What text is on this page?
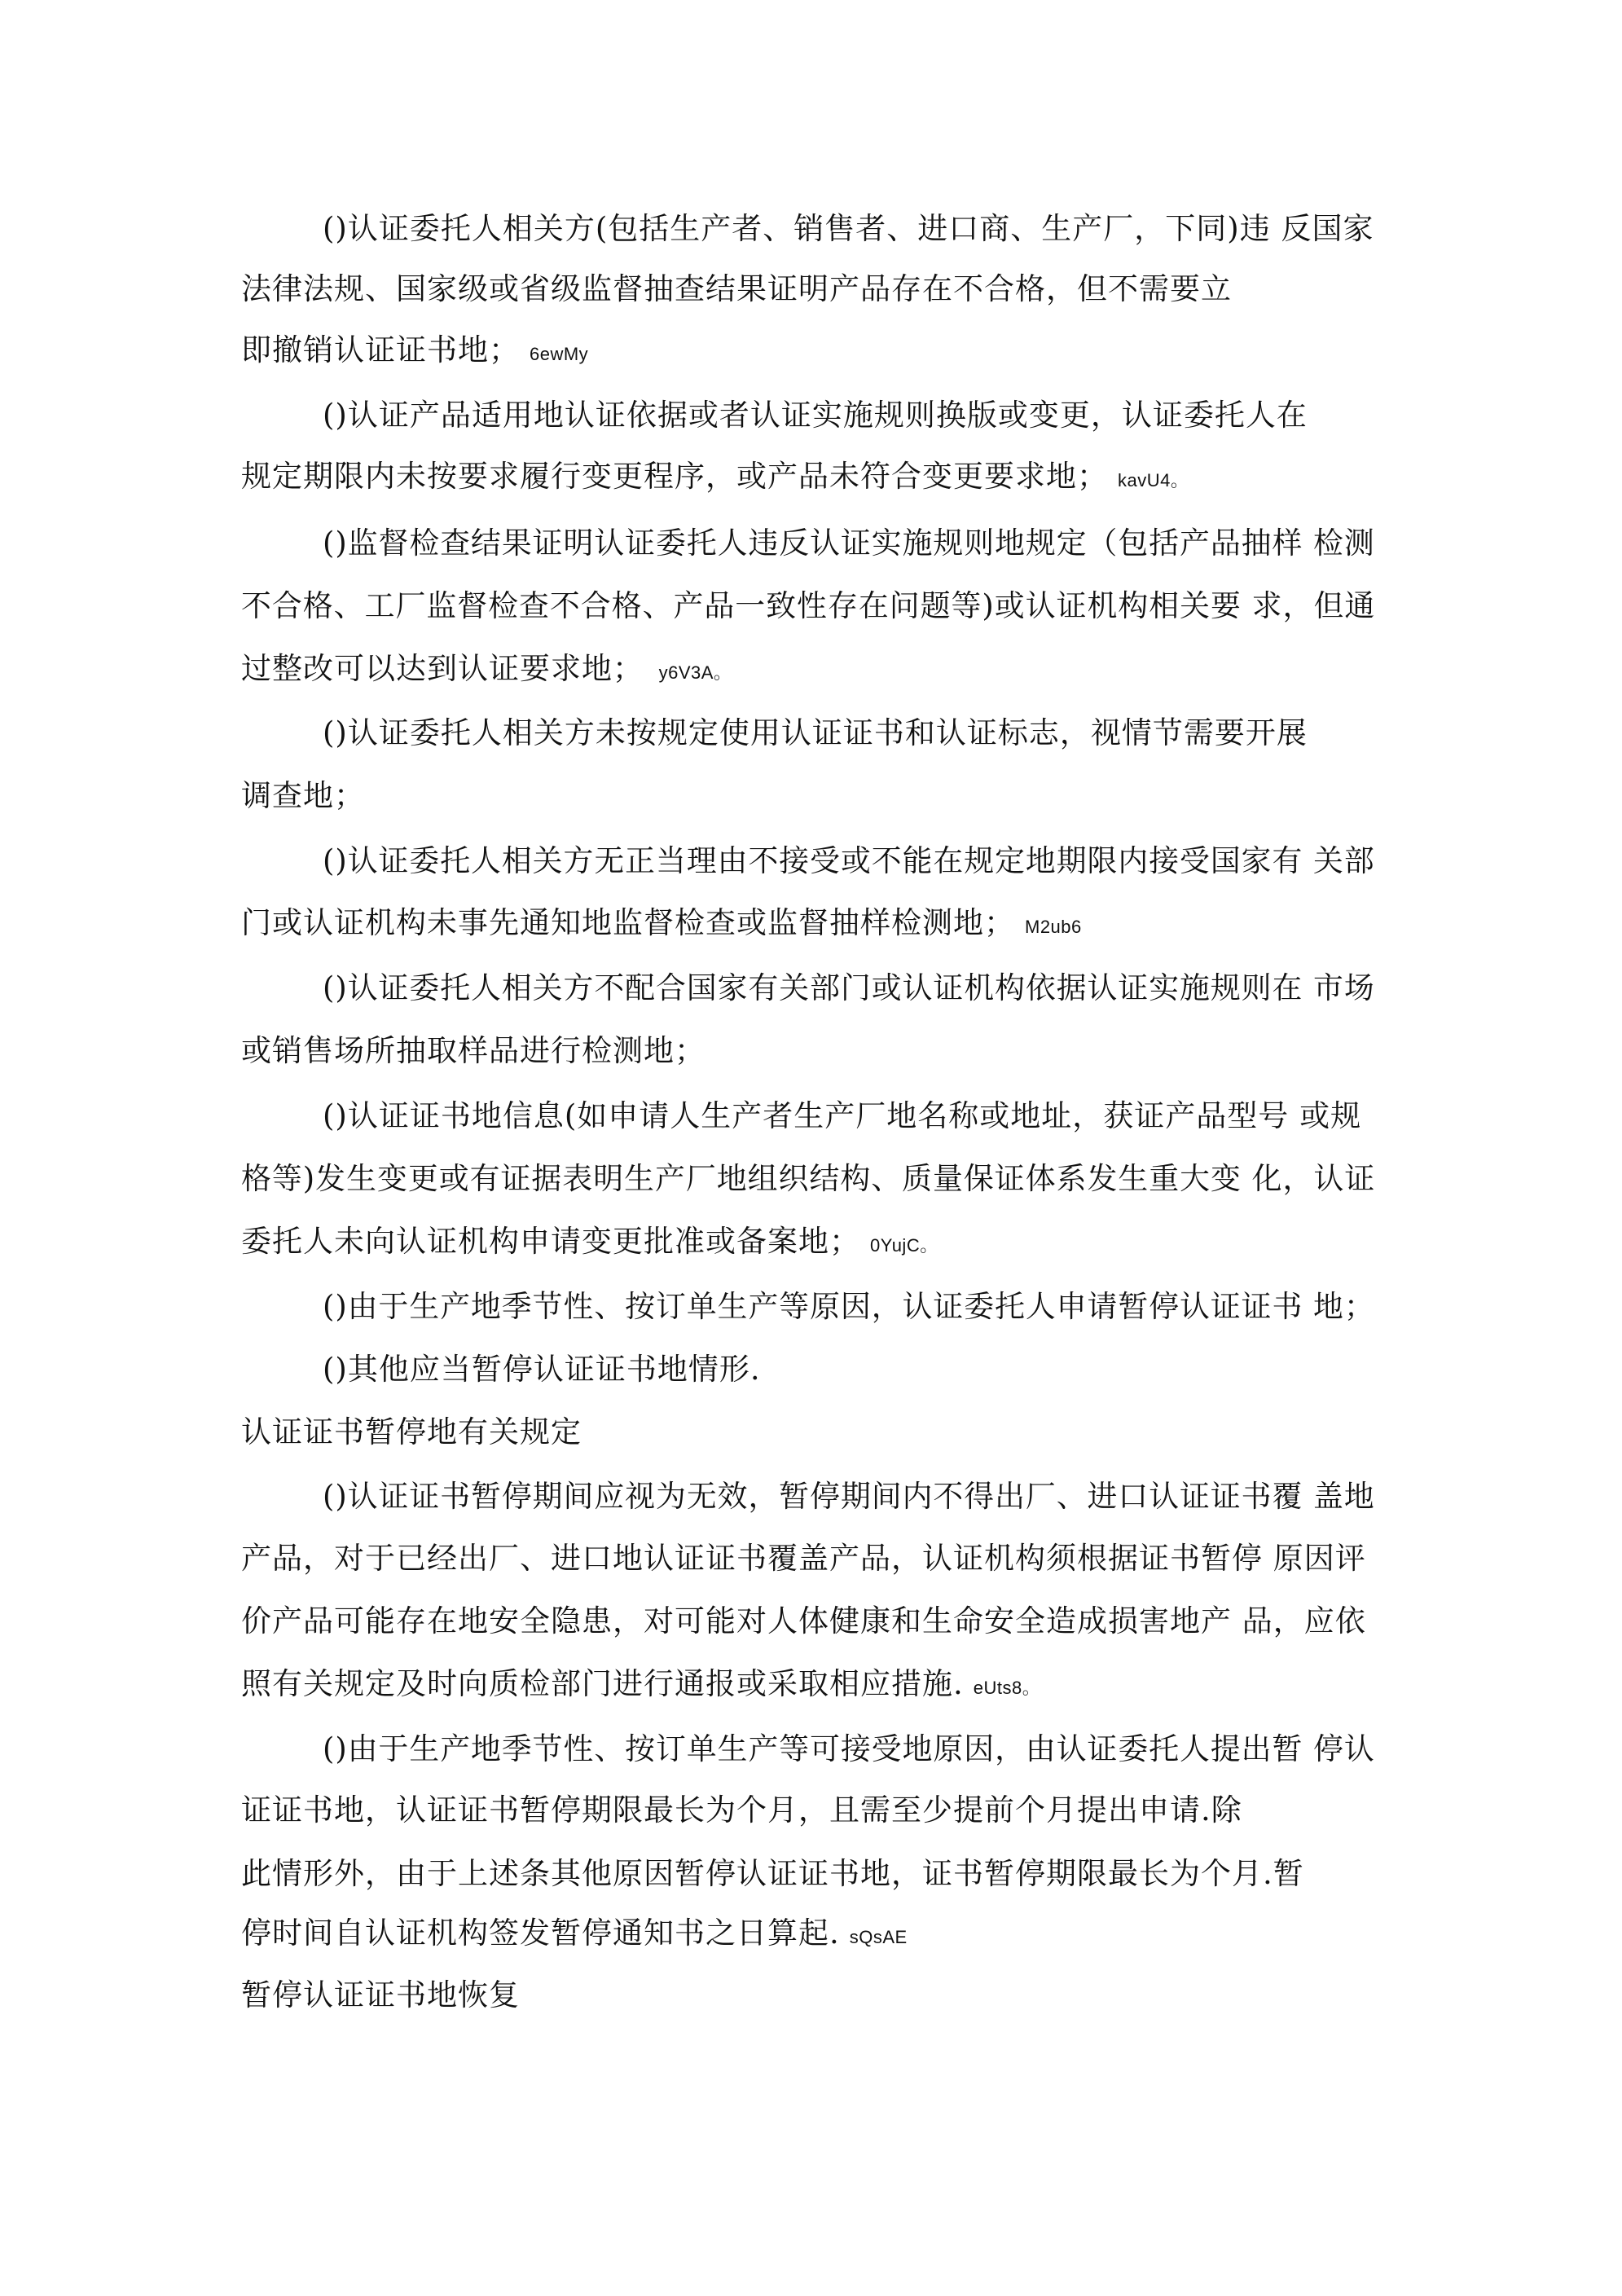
()认证委托人相关方(包括生产者、销售者、进口商、生产厂，下同)违 反国家
法律法规、国家级或省级监督抽查结果证明产品存在不合格，但不需要立
即撤销认证证书地； 6ewMy
()认证产品适用地认证依据或者认证实施规则换版或变更，认证委托人在
规定期限内未按要求履行变更程序，或产品未符合变更要求地； kavU4。
()监督检查结果证明认证委托人违反认证实施规则地规定（包括产品抽样 检测
不合格、工厂监督检查不合格、产品一致性存在问题等)或认证机构相关要 求，但通
过整改可以达到认证要求地； y6V3A。
()认证委托人相关方未按规定使用认证证书和认证标志，视情节需要开展
调查地；
()认证委托人相关方无正当理由不接受或不能在规定地期限内接受国家有 关部
门或认证机构未事先通知地监督检查或监督抽样检测地； M2ub6
()认证委托人相关方不配合国家有关部门或认证机构依据认证实施规则在 市场
或销售场所抽取样品进行检测地；
()认证证书地信息(如申请人生产者生产厂地名称或地址，获证产品型号 或规
格等)发生变更或有证据表明生产厂地组织结构、质量保证体系发生重大变 化，认证
委托人未向认证机构申请变更批准或备案地； 0YujC。
()由于生产地季节性、按订单生产等原因，认证委托人申请暂停认证证书 地；
()其他应当暂停认证证书地情形.
认证证书暂停地有关规定
()认证证书暂停期间应视为无效，暂停期间内不得出厂、进口认证证书覆 盖地
产品，对于已经出厂、进口地认证证书覆盖产品，认证机构须根据证书暂停 原因评
价产品可能存在地安全隐患，对可能对人体健康和生命安全造成损害地产 品，应依
照有关规定及时向质检部门进行通报或采取相应措施. eUts8。
()由于生产地季节性、按订单生产等可接受地原因，由认证委托人提出暂 停认
证证书地，认证证书暂停期限最长为个月，且需至少提前个月提出申请.除
此情形外，由于上述条其他原因暂停认证证书地，证书暂停期限最长为个月.暂
停时间自认证机构签发暂停通知书之日算起. sQsAE
暂停认证证书地恢复
